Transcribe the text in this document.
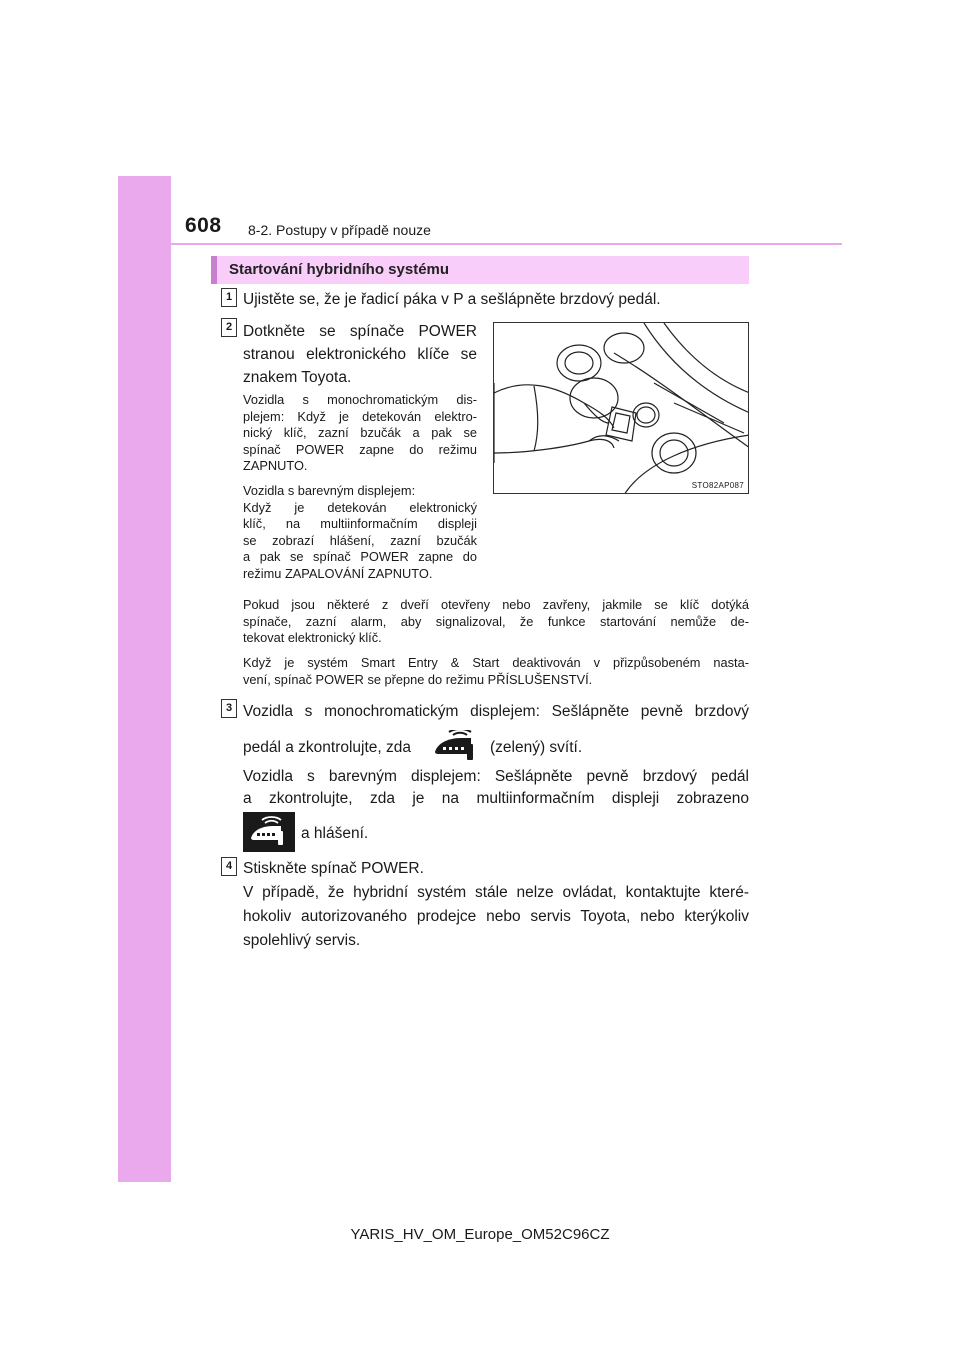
608 8-2. Postupy v případě nouze
Startování hybridního systému
1 Ujistěte se, že je řadicí páka v P a sešlápněte brzdový pedál.
2 Dotkněte se spínače POWER
stranou elektronického klíče se
znakem Toyota.
Vozidla s monochromatickým dis-
plejem: Když je detekován elektro-
nický klíč, zazní bzučák a pak se
spínač POWER zapne do režimu
ZAPNUTO.
Vozidla s barevným displejem:
Když je detekován elektronický
klíč, na multiinformačním displeji
se zobrazí hlášení, zazní bzučák
a pak se spínač POWER zapne do
režimu ZAPALOVÁNÍ ZAPNUTO.
STO82AP087
Pokud jsou některé z dveří otevřeny nebo zavřeny, jakmile se klíč dotýká
spínače, zazní alarm, aby signalizoval, že funkce startování nemůže de-
tekovat elektronický klíč.
Když je systém Smart Entry & Start deaktivován v přizpůsobeném nasta-
vení, spínač POWER se přepne do režimu PŘÍSLUŠENSTVÍ.
3 Vozidla s monochromatickým displejem: Sešlápněte pevně brzdový
pedál a zkontrolujte, zda	(zelený) svítí.
Vozidla s barevným displejem: Sešlápněte pevně brzdový pedál
a zkontrolujte, zda je na multiinformačním displeji zobrazeno
a hlášení.
4 Stiskněte spínač POWER.
V případě, že hybridní systém stále nelze ovládat, kontaktujte které-
hokoliv autorizovaného prodejce nebo servis Toyota, nebo kterýkoliv
spolehlivý servis.
YARIS_HV_OM_Europe_OM52C96CZ
